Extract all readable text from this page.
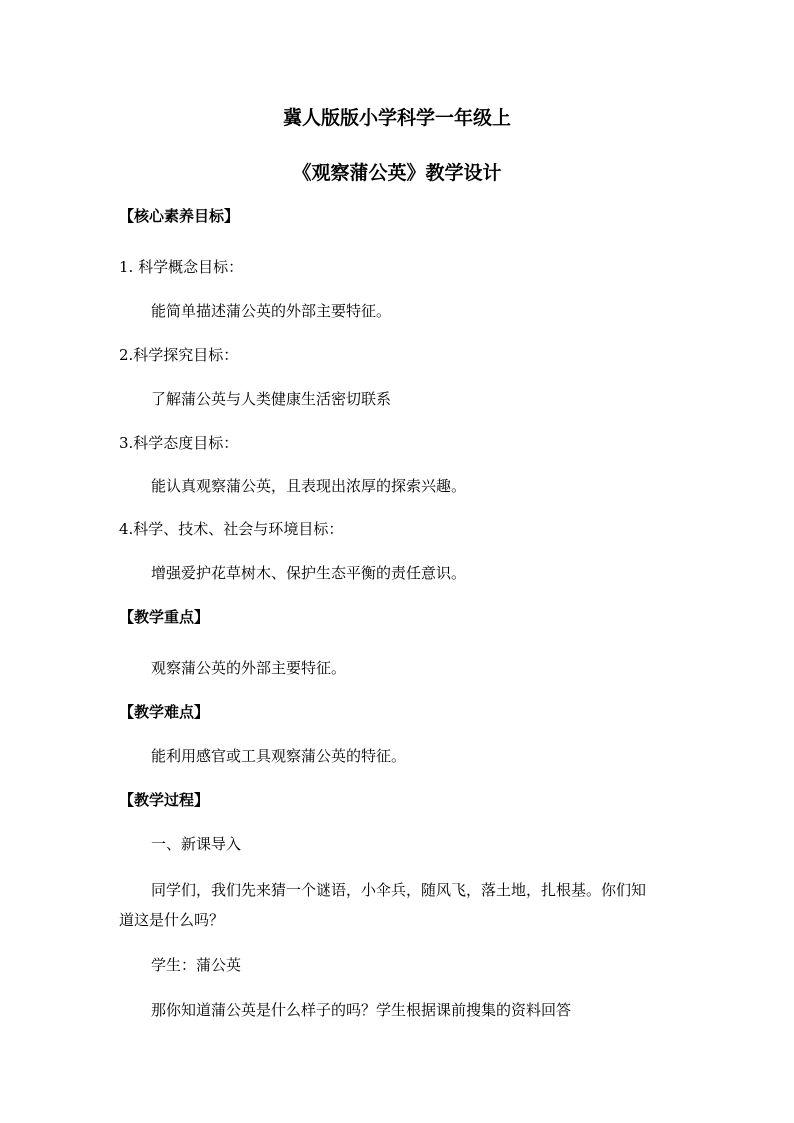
冀人版版小学科学一年级上
《观察蒲公英》教学设计
【核心素养目标】
1. 科学概念目标：
能简单描述蒲公英的外部主要特征。
2.科学探究目标：
了解蒲公英与人类健康生活密切联系
3.科学态度目标：
能认真观察蒲公英，且表现出浓厚的探索兴趣。
4.科学、技术、社会与环境目标：
增强爱护花草树木、保护生态平衡的责任意识。
【教学重点】
观察蒲公英的外部主要特征。
【教学难点】
能利用感官或工具观察蒲公英的特征。
【教学过程】
一、新课导入
同学们，我们先来猜一个谜语，小伞兵，随风飞，落土地，扎根基。你们知
道这是什么吗？
学生：蒲公英
那你知道蒲公英是什么样子的吗？学生根据课前搜集的资料回答
